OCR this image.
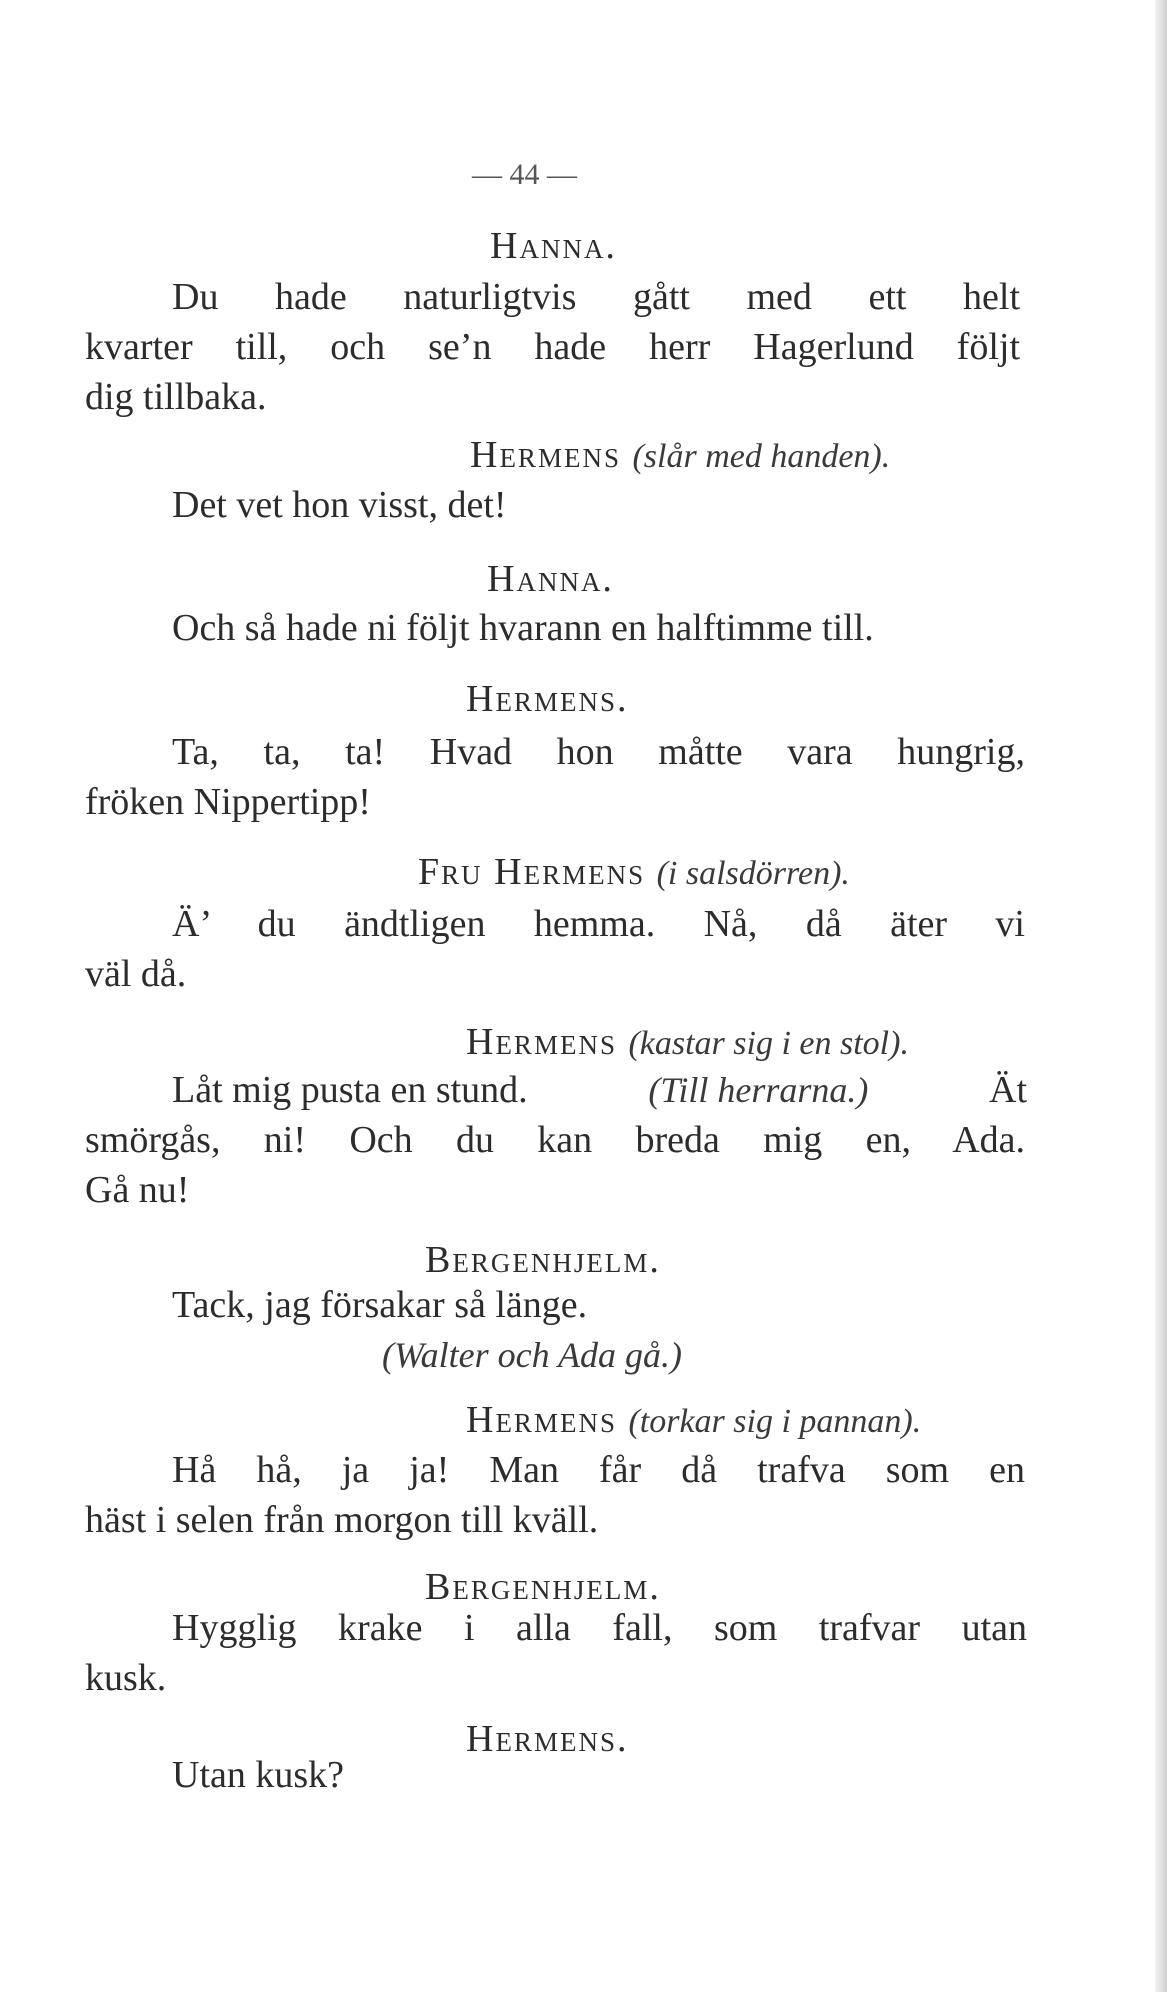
— 44 —

Hanna.

Du hade naturligtvis gått med ett helt

kvarter till, och se’n hade herr Hagerlund följt

dig tillbaka.

Hermens (slår med handen).

Det vet hon visst, det!

Hanna.

Och så hade ni följt hvarann en halftimme till.

Hermens.

Ta, ta, ta! Hvad hon måtte vara hungrig,

fröken Nippertipp!

Fru Hermens (i salsdörren).

Ä’ du ändtligen hemma. Nå, då äter vi

väl då.

Hermens (kastar sig i en stol).

Låt mig pusta en stund.	(Till herrarna.)	Ät

smörgås, ni! Och du kan breda mig en, Ada.

Gå nu!

Bergenhjelm.

Tack, jag försakar så länge.

(Walter och Ada gå.)

Hermens (torkar sig i pannan).

Hå hå, ja ja! Man får då trafva som en

häst i selen från morgon till kväll.

Bergenhjelm.

Hygglig krake i alla fall, som trafvar utan

kusk.

Hermens.

Utan kusk?
